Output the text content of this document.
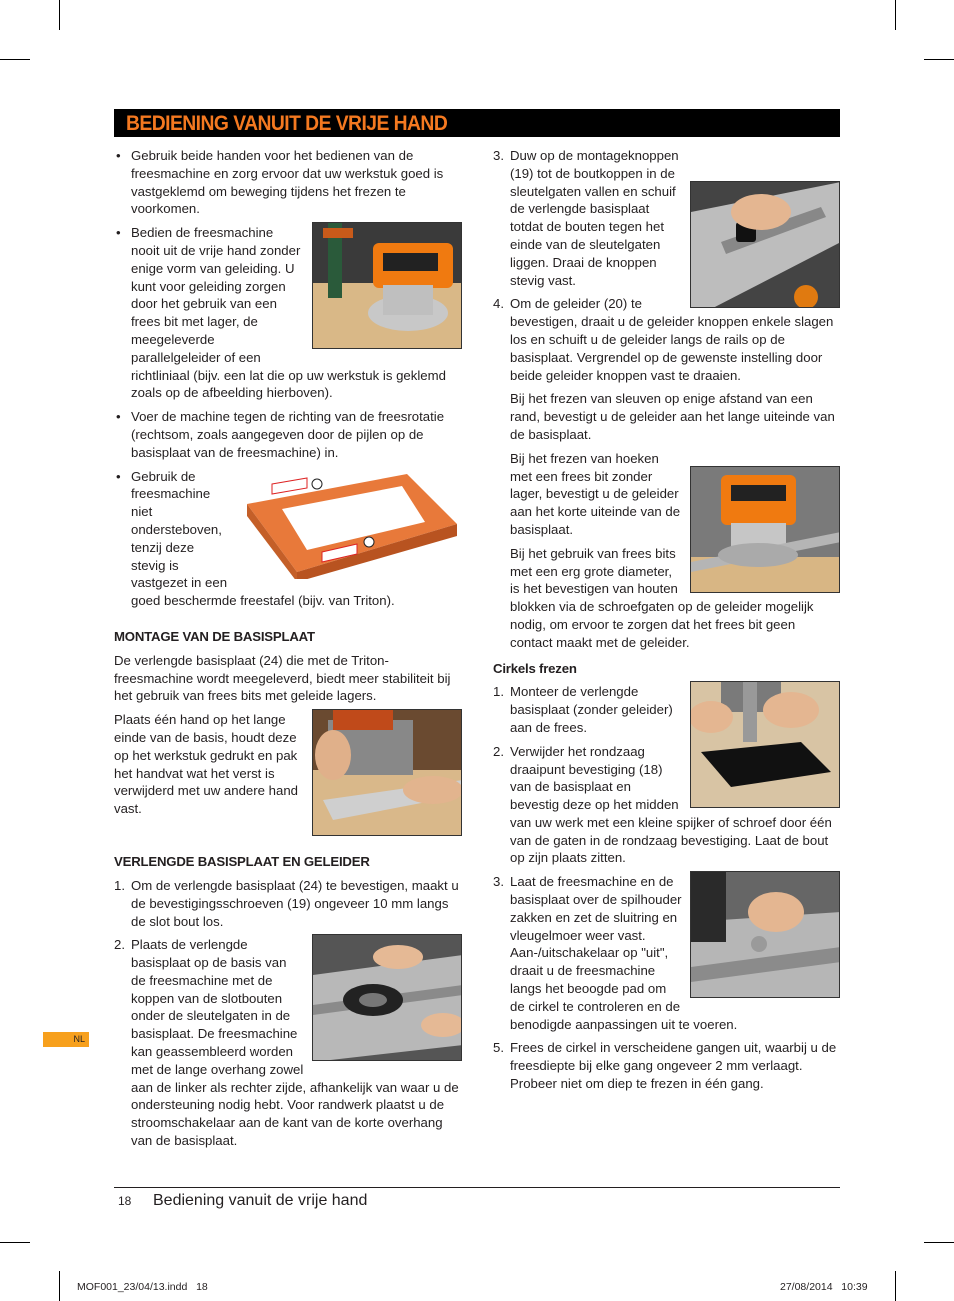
BEDIENING VANUIT DE VRIJE HAND
• Gebruik beide handen voor het bedienen van de freesmachine en zorg ervoor dat uw werkstuk goed is vastgeklemd om beweging tijdens het frezen te voorkomen.
• Bedien de freesmachine nooit uit de vrije hand zonder enige vorm van geleiding. U kunt voor geleiding zorgen door het gebruik van een frees bit met lager, de meegeleverde parallelgeleider of een richtliniaal (bijv. een lat die op uw werkstuk is geklemd zoals op de afbeelding hierboven).
• Voer de machine tegen de richting van de freesrotatie (rechtsom, zoals aangegeven door de pijlen op de basisplaat van de freesmachine) in.
• Gebruik de freesmachine niet ondersteboven, tenzij deze stevig is vastgezet in een goed beschermde freestafel (bijv. van Triton).
MONTAGE VAN DE BASISPLAAT

De verlengde basisplaat (24) die met de Triton-freesmachine wordt meegeleverd, biedt meer stabiliteit bij het gebruik van frees bits met geleide lagers.

Plaats één hand op het lange einde van de basis, houdt deze op het werkstuk gedrukt en pak het handvat wat het verst is verwijderd met uw andere hand vast.
VERLENGDE BASISPLAAT EN GELEIDER
1. Om de verlengde basisplaat (24) te bevestigen, maakt u de bevestigingsschroeven (19) ongeveer 10 mm langs de slot bout los.
2. Plaats de verlengde basisplaat op de basis van de freesmachine met de koppen van de slotbouten onder de sleutelgaten in de basisplaat. De freesmachine kan geassembleerd worden met de lange overhang zowel aan de linker als rechter zijde, afhankelijk van waar u de ondersteuning nodig hebt. Voor randwerk plaatst u de stroomschakelaar aan de kant van de korte overhang van de basisplaat.
3. Duw op de montageknoppen (19) tot de boutkoppen in de sleutelgaten vallen en schuif de verlengde basisplaat totdat de bouten tegen het einde van de sleutelgaten liggen. Draai de knoppen stevig vast.
4. Om de geleider (20) te bevestigen, draait u de geleider knoppen enkele slagen los en schuift u de geleider langs de rails op de basisplaat. Vergrendel op de gewenste instelling door beide geleider knoppen vast te draaien.

Bij het frezen van sleuven op enige afstand van een rand, bevestigt u de geleider aan het lange uiteinde van de basisplaat.

Bij het frezen van hoeken met een frees bit zonder lager, bevestigt u de geleider aan het korte uiteinde van de basisplaat.

Bij het gebruik van frees bits met een erg grote diameter, is het bevestigen van houten blokken via de schroefgaten op de geleider mogelijk nodig, om ervoor te zorgen dat het frees bit geen contact maakt met de geleider.

Cirkels frezen
1. Monteer de verlengde basisplaat (zonder geleider) aan de frees.
2. Verwijder het rondzaag draaipunt bevestiging (18) van de basisplaat en bevestig deze op het midden van uw werk met een kleine spijker of schroef door één van de gaten in de rondzaag bevestiging. Laat de bout op zijn plaats zitten.
3. Laat de freesmachine en de basisplaat over de spilhouder zakken en zet de sluitring en vleugelmoer weer vast. Aan-/uitschakelaar op "uit", draait u de freesmachine langs het beoogde pad om de cirkel te controleren en de benodigde aanpassingen uit te voeren.
5. Frees de cirkel in verscheidene gangen uit, waarbij u de freesdiepte bij elke gang ongeveer 2 mm verlaagt. Probeer niet om diep te frezen in één gang.
NL
18 Bediening vanuit de vrije hand
MOF001_23/04/13.indd   18	27/08/2014   10:39
